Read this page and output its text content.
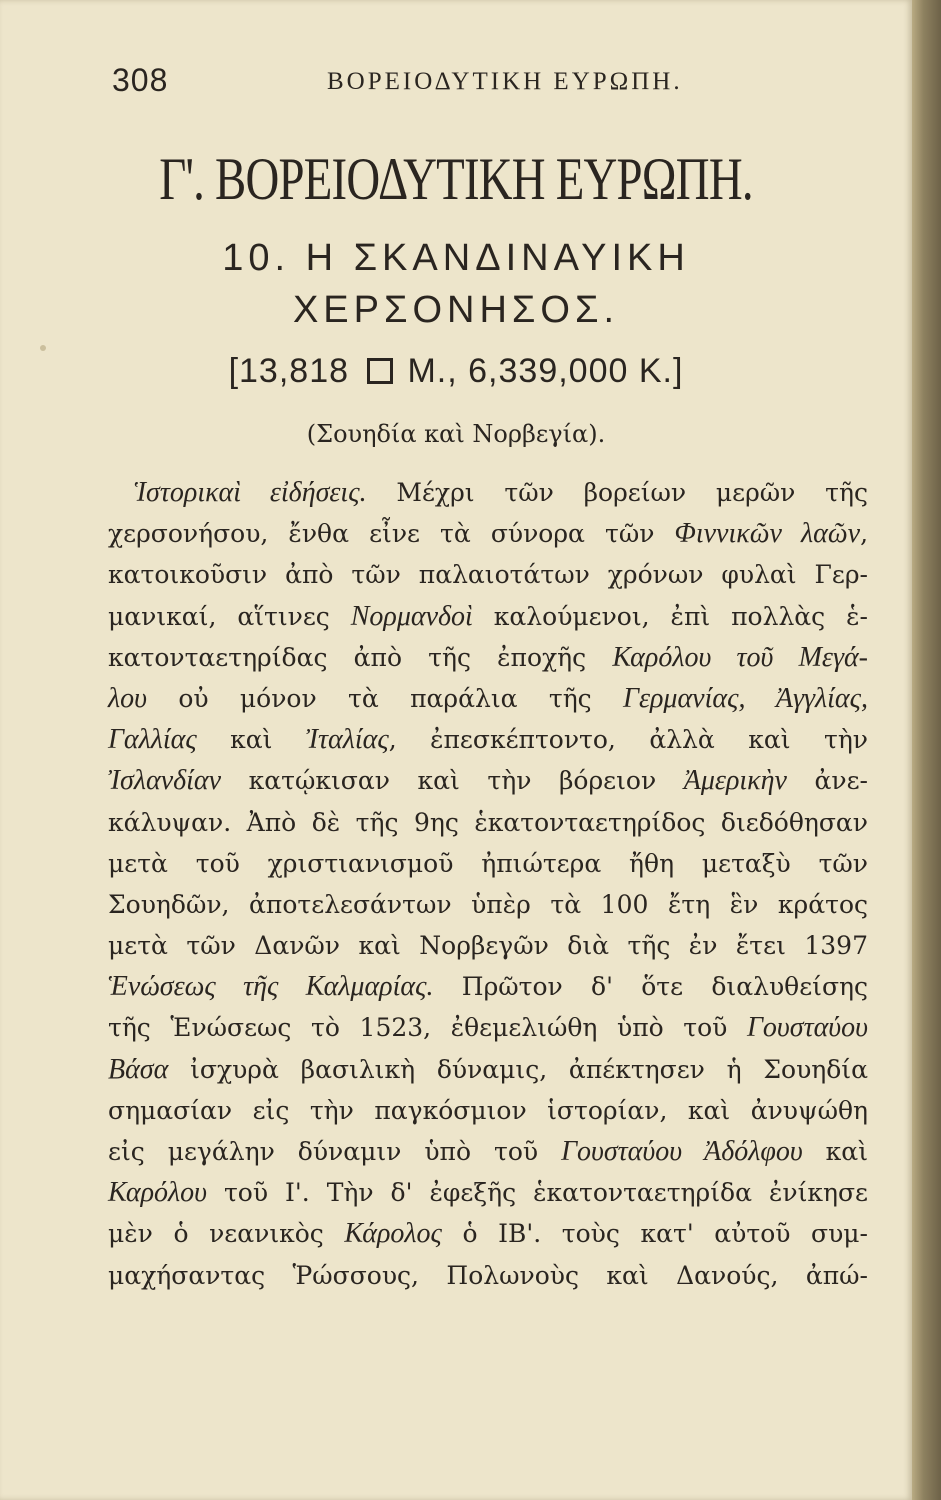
308	ΒΟΡΕΙΟΔΥΤΙΚΗ ΕΥΡΩΠΗ.
Γ'. ΒΟΡΕΙΟΔΥΤΙΚΗ ΕΥΡΩΠΗ.
10. Η ΣΚΑΝΔΙΝΑΥΙΚΗ
ΧΕΡΣΟΝΗΣΟΣ.
[13,818 Μ., 6,339,000 Κ.]
(Σουηδία καὶ Νορβεγία).
Ἱστορικαὶ εἰδήσεις. Μέχρι τῶν βορείων μερῶν τῆς
χερσονήσου, ἔνθα εἶνε τὰ σύνορα τῶν Φιννικῶν λαῶν,
κατοικοῦσιν ἀπὸ τῶν παλαιοτάτων χρόνων φυλαὶ Γερ-
μανικαί, αἵτινες Νορμανδοὶ καλούμενοι, ἐπὶ πολλὰς ἑ-
κατονταετηρίδας ἀπὸ τῆς ἐποχῆς Καρόλου τοῦ Μεγά-
λου οὐ μόνον τὰ παράλια τῆς Γερμανίας, Ἀγγλίας,
Γαλλίας καὶ Ἰταλίας, ἐπεσκέπτοντο, ἀλλὰ καὶ τὴν
Ἰσλανδίαν κατῴκισαν καὶ τὴν βόρειον Ἀμερικὴν ἀνε-
κάλυψαν. Ἀπὸ δὲ τῆς 9ης ἑκατονταετηρίδος διεδόθησαν
μετὰ τοῦ χριστιανισμοῦ ἠπιώτερα ἤθη μεταξὺ τῶν
Σουηδῶν, ἀποτελεσάντων ὑπὲρ τὰ 100 ἔτη ἓν κράτος
μετὰ τῶν Δανῶν καὶ Νορβεγῶν διὰ τῆς ἐν ἔτει 1397
Ἑνώσεως τῆς Καλμαρίας. Πρῶτον δ' ὅτε διαλυθείσης
τῆς Ἑνώσεως τὸ 1523, ἐθεμελιώθη ὑπὸ τοῦ Γουσταύου
Βάσα ἰσχυρὰ βασιλικὴ δύναμις, ἀπέκτησεν ἡ Σουηδία
σημασίαν εἰς τὴν παγκόσμιον ἱστορίαν, καὶ ἀνυψώθη
εἰς μεγάλην δύναμιν ὑπὸ τοῦ Γουσταύου Ἀδόλφου καὶ
Καρόλου τοῦ Ι'. Τὴν δ' ἐφεξῆς ἑκατονταετηρίδα ἐνίκησε
μὲν ὁ νεανικὸς Κάρολος ὁ ΙΒ'. τοὺς κατ' αὐτοῦ συμ-
μαχήσαντας Ῥώσσους, Πολωνοὺς καὶ Δανούς, ἀπώ-
